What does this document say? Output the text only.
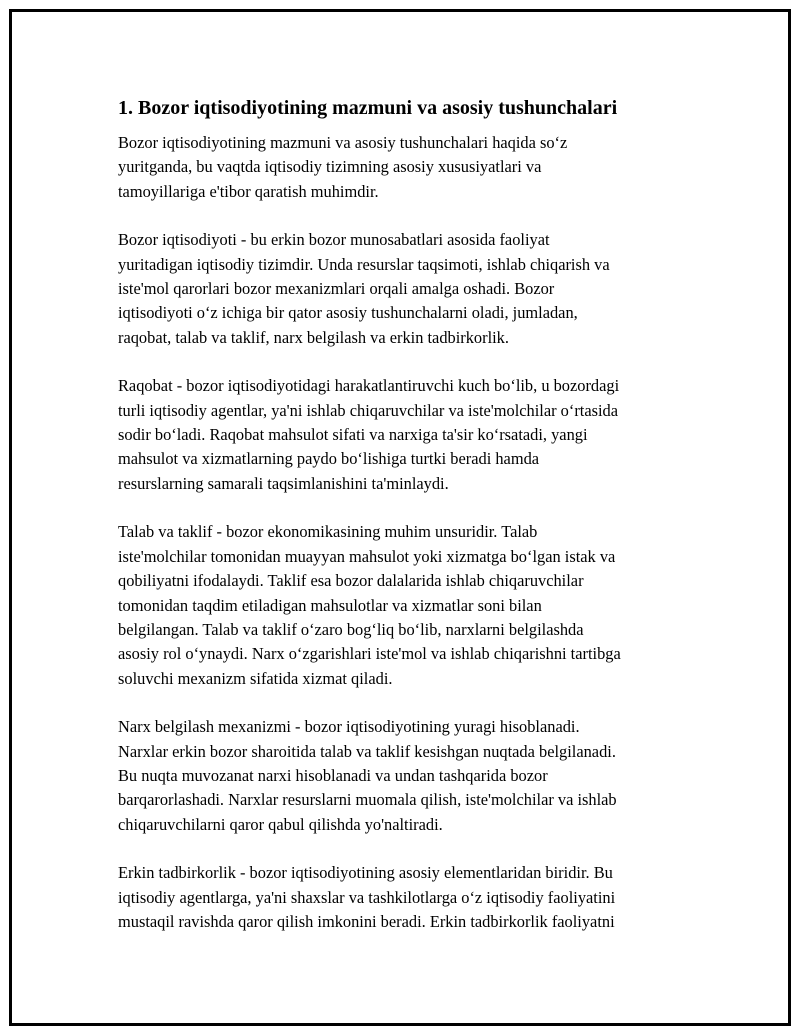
1. Bozor iqtisodiyotining mazmuni va asosiy tushunchalari

Bozor iqtisodiyotining mazmuni va asosiy tushunchalari haqida so‘z
yuritganda, bu vaqtda iqtisodiy tizimning asosiy xususiyatlari va
tamoyillariga e'tibor qaratish muhimdir.

Bozor iqtisodiyoti - bu erkin bozor munosabatlari asosida faoliyat
yuritadigan iqtisodiy tizimdir. Unda resurslar taqsimoti, ishlab chiqarish va
iste'mol qarorlari bozor mexanizmlari orqali amalga oshadi. Bozor
iqtisodiyoti o‘z ichiga bir qator asosiy tushunchalarni oladi, jumladan,
raqobat, talab va taklif, narx belgilash va erkin tadbirkorlik.

Raqobat - bozor iqtisodiyotidagi harakatlantiruvchi kuch bo‘lib, u bozordagi
turli iqtisodiy agentlar, ya'ni ishlab chiqaruvchilar va iste'molchilar o‘rtasida
sodir bo‘ladi. Raqobat mahsulot sifati va narxiga ta'sir ko‘rsatadi, yangi
mahsulot va xizmatlarning paydo bo‘lishiga turtki beradi hamda
resurslarning samarali taqsimlanishini ta'minlaydi.

Talab va taklif - bozor ekonomikasining muhim unsuridir. Talab
iste'molchilar tomonidan muayyan mahsulot yoki xizmatga bo‘lgan istak va
qobiliyatni ifodalaydi. Taklif esa bozor dalalarida ishlab chiqaruvchilar
tomonidan taqdim etiladigan mahsulotlar va xizmatlar soni bilan
belgilangan. Talab va taklif o‘zaro bog‘liq bo‘lib, narxlarni belgilashda
asosiy rol o‘ynaydi. Narx o‘zgarishlari iste'mol va ishlab chiqarishni tartibga
soluvchi mexanizm sifatida xizmat qiladi.

Narx belgilash mexanizmi - bozor iqtisodiyotining yuragi hisoblanadi.
Narxlar erkin bozor sharoitida talab va taklif kesishgan nuqtada belgilanadi.
Bu nuqta muvozanat narxi hisoblanadi va undan tashqarida bozor
barqarorlashadi. Narxlar resurslarni muomala qilish, iste'molchilar va ishlab
chiqaruvchilarni qaror qabul qilishda yo'naltiradi.

Erkin tadbirkorlik - bozor iqtisodiyotining asosiy elementlaridan biridir. Bu
iqtisodiy agentlarga, ya'ni shaxslar va tashkilotlarga o‘z iqtisodiy faoliyatini
mustaqil ravishda qaror qilish imkonini beradi. Erkin tadbirkorlik faoliyatni
